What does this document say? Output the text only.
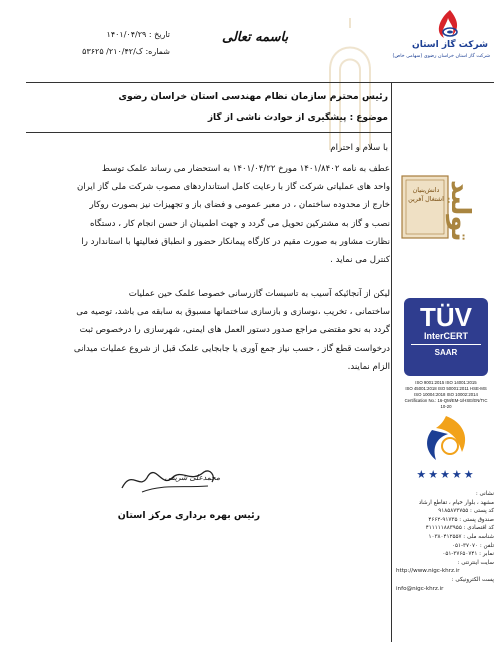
شرکت گاز استان
شرکت گاز استان خراسان رضوی (سهامی خاص)
باسمه تعالی
تاریخ : ۱۴۰۱/۰۴/۲۹
شماره: ک/۲۱۰/۴۲/ ۵۳۶۲۵
رئیس محترم سازمان نظام مهندسی استان خراسان رضوی
موضوع : پیشگیری از حوادث ناشی از گاز
با سلام و احترام
عطف به نامه ۱۴۰۱/۸۴۰۲ مورخ ۱۴۰۱/۰۴/۲۲ به استحضار می رساند علمک توسط
واحد های عملیاتی شرکت گاز با رعایت کامل استانداردهای مصوب شرکت ملی گاز ایران
خارج از محدوده ساختمان ، در معبر عمومی و فضای باز و تجهیزات نیز بصورت روکار
نصب و گاز به مشترکین تحویل می گردد و جهت اطمینان از حسن انجام کار ، دستگاه
نظارت مشاور به صورت مقیم در کارگاه پیمانکار حضور و انطباق فعالیتها با استاندارد را
کنترل می نماید .
لیکن از آنجائیکه آسیب به تاسیسات گازرسانی خصوصا علمک حین عملیات
ساختمانی ، تخریب ،نوسازی و بازسازی ساختمانها مسبوق به سابقه می باشد، توصیه می
گردد به نحو مقتضی مراجع صدور دستور العمل های ایمنی، شهرسازی را درخصوص ثبت
درخواست قطع گاز ، حسب نیاز جمع آوری یا جابجایی علمک قبل از شروع عملیات میدانی
الزام نمایند.
محمدعلی شریفی
رئیس بهره برداری مرکز استان
دانش‌بنیان اشتغال آفرین تولید
TÜV
InterCERT
SAAR
ISO 9001:2015 ISO 14001:2015
ISO 45001:2018 ISO 50001:2011 HSE-MS
ISO 10004:2018 ISO 10002:2014
Certification No.: 16-QM/EM-1/HSE/EN/TIC
10-20
★★★★★
نشانی :
مشهد ، بلوار خیام ، تقاطع ارشاد
کد پستی : ۹۱۸۵۸۷۳۷۵۵
صندوق پستی : ۹۱۷۳۵-۴۶۶۲
کد اقتصادی : ۴۱۱۱۱۱۸۸۳۹۵۵
شناسه ملی : ۱۰۳۸۰۴۱۲۵۵۷
تلفن : ۳۷۰۷۰-۰۵۱
نمابر : ۳۷۶۵۰۷۴۱-۰۵۱
سایت اینترنتی :
http://www.nigc-khrz.ir
پست الکترونیکی :
info@nigc-khrz.ir
